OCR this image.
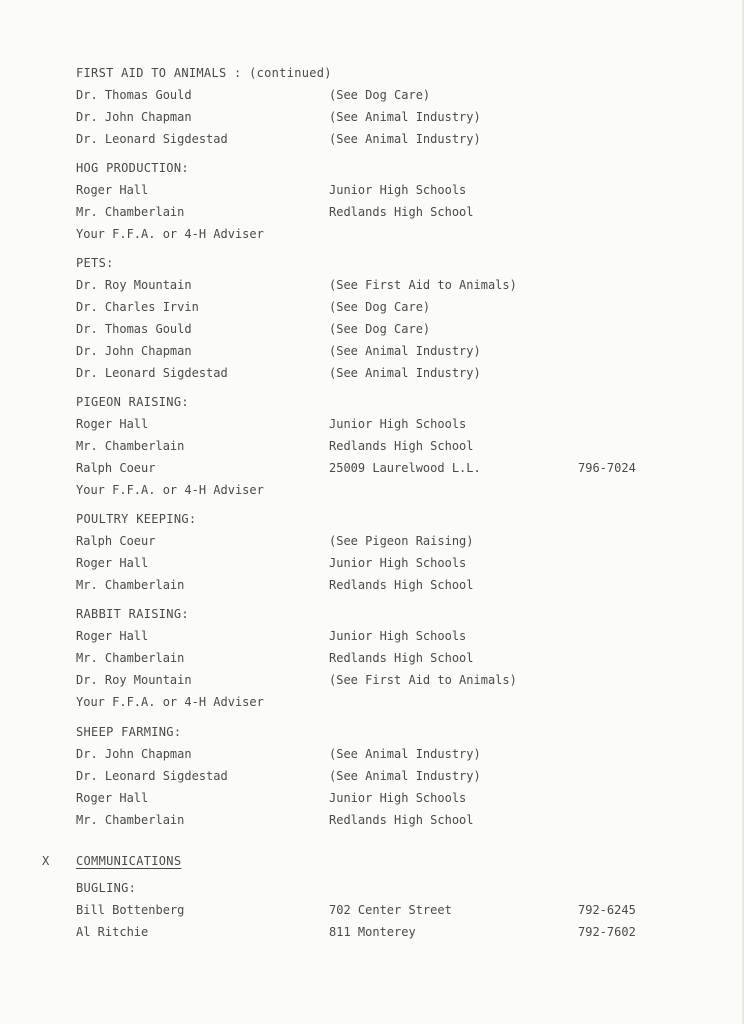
FIRST AID TO ANIMALS : (continued)
Dr. Thomas Gould	(See Dog Care)
Dr. John Chapman	(See Animal Industry)
Dr. Leonard Sigdestad	(See Animal Industry)
HOG PRODUCTION:
Roger Hall	Junior High Schools
Mr. Chamberlain	Redlands High School
Your F.F.A. or 4-H Adviser
PETS:
Dr. Roy Mountain	(See First Aid to Animals)
Dr. Charles Irvin	(See Dog Care)
Dr. Thomas Gould	(See Dog Care)
Dr. John Chapman	(See Animal Industry)
Dr. Leonard Sigdestad	(See Animal Industry)
PIGEON RAISING:
Roger Hall	Junior High Schools
Mr. Chamberlain	Redlands High School
Ralph Coeur	25009 Laurelwood L.L.	796-7024
Your F.F.A. or 4-H Adviser
POULTRY KEEPING:
Ralph Coeur	(See Pigeon Raising)
Roger Hall	Junior High Schools
Mr. Chamberlain	Redlands High School
RABBIT RAISING:
Roger Hall	Junior High Schools
Mr. Chamberlain	Redlands High School
Dr. Roy Mountain	(See First Aid to Animals)
Your F.F.A. or 4-H Adviser
SHEEP FARMING:
Dr. John Chapman	(See Animal Industry)
Dr. Leonard Sigdestad	(See Animal Industry)
Roger Hall	Junior High Schools
Mr. Chamberlain	Redlands High School
X COMMUNICATIONS
BUGLING:
Bill Bottenberg	702 Center Street	792-6245
Al Ritchie	811 Monterey	792-7602
